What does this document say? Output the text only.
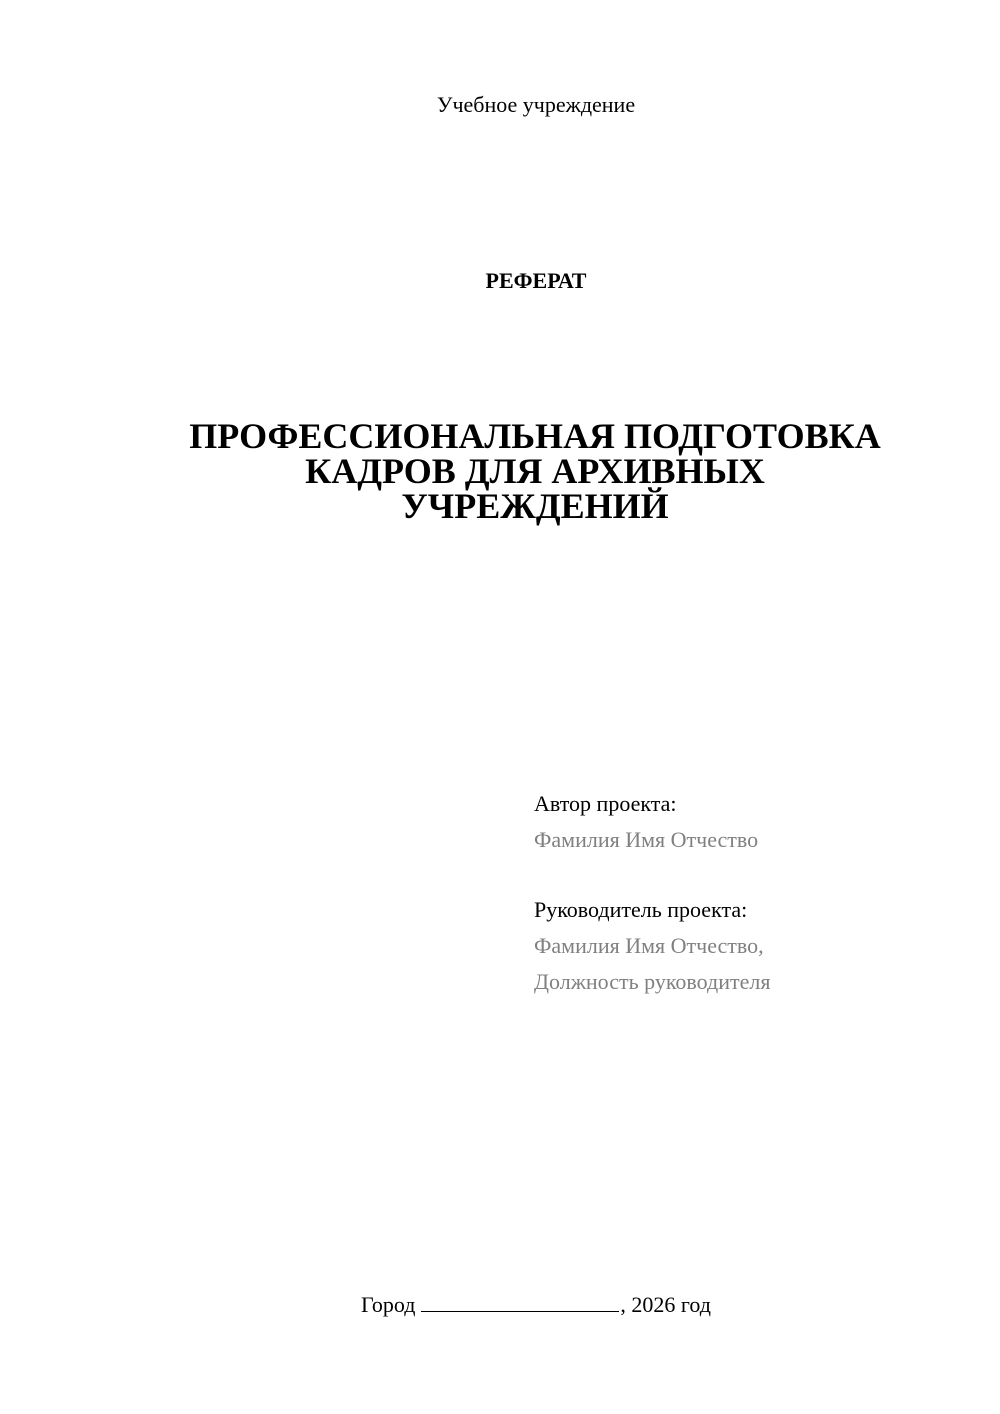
Учебное учреждение
РЕФЕРАТ
ПРОФЕССИОНАЛЬНАЯ ПОДГОТОВКА
КАДРОВ ДЛЯ АРХИВНЫХ
УЧРЕЖДЕНИЙ
Автор проекта:
Фамилия Имя Отчество
Руководитель проекта:
Фамилия Имя Отчество,
Должность руководителя
Город	, 2026 год
